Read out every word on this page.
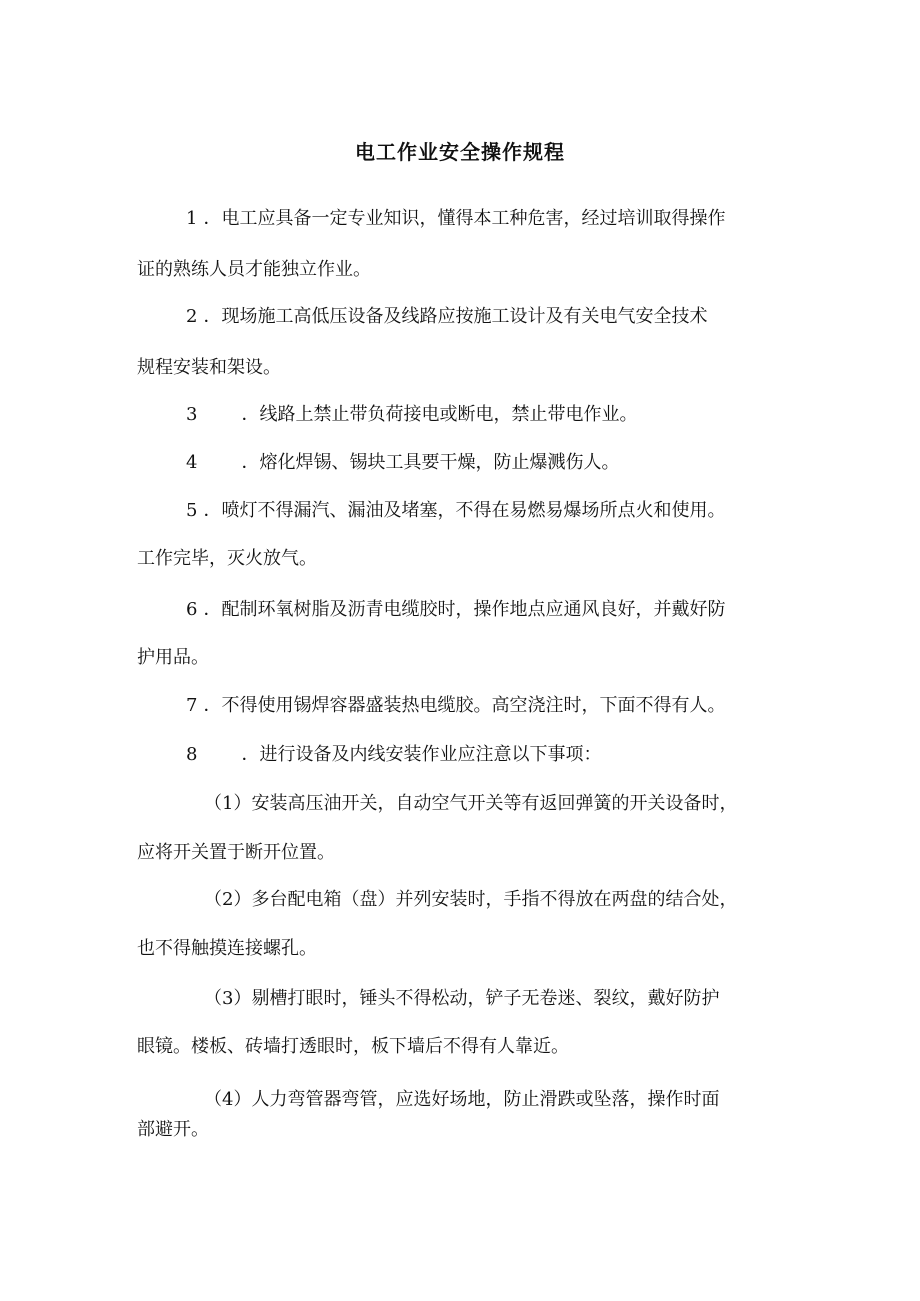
电工作业安全操作规程
1 ．电工应具备一定专业知识，懂得本工种危害，经过培训取得操作
证的熟练人员才能独立作业。
2 ．现场施工高低压设备及线路应按施工设计及有关电气安全技术
规程安装和架设。
3 ．线路上禁止带负荷接电或断电，禁止带电作业。
4 ．熔化焊锡、锡块工具要干燥，防止爆溅伤人。
5 ．喷灯不得漏汽、漏油及堵塞，不得在易燃易爆场所点火和使用。
工作完毕，灭火放气。
6 ．配制环氧树脂及沥青电缆胶时，操作地点应通风良好，并戴好防
护用品。
7 ．不得使用锡焊容器盛装热电缆胶。高空浇注时，下面不得有人。
8 ．进行设备及内线安装作业应注意以下事项：
（1）安装高压油开关，自动空气开关等有返回弹簧的开关设备时，
应将开关置于断开位置。
（2）多台配电箱（盘）并列安装时，手指不得放在两盘的结合处，
也不得触摸连接螺孔。
（3）剔槽打眼时，锤头不得松动，铲子无卷迷、裂纹，戴好防护
眼镜。楼板、砖墙打透眼时，板下墙后不得有人靠近。
（4）人力弯管器弯管，应选好场地，防止滑跌或坠落，操作时面
部避开。
